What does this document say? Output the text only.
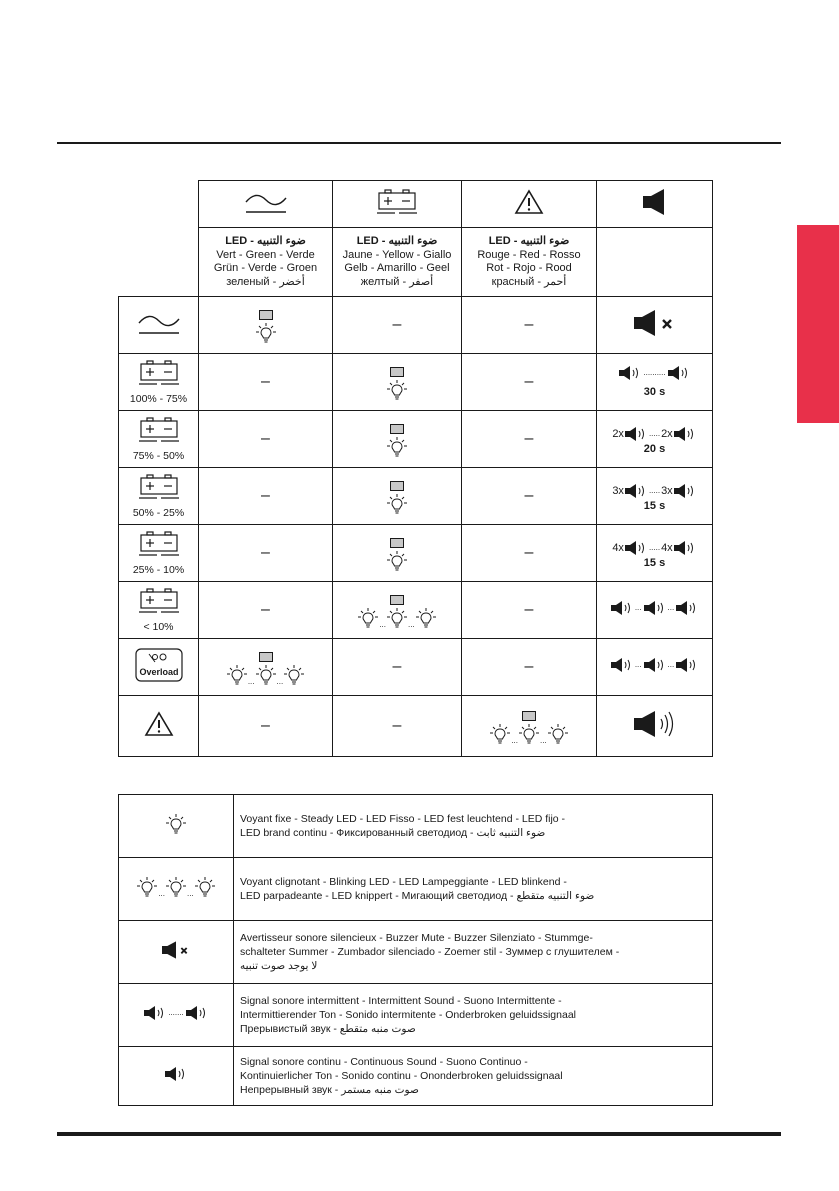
	LED - ضوء التنبيه
Vert - Green - Verde
Grün - Verde - Groen
зеленый - أخضر	LED - ضوء التنبيه
Jaune - Yellow - Giallo
Gelb - Amarillo - Geel
желтый - أصفر	LED - ضوء التنبيه
Rouge - Red - Rosso
Rot - Rojo - Rood
красный - أحمر	

	–	–	

100% - 75%	–		–	..........
30 s

75% - 50%	–		–	2x ..... 2x
20 s

50% - 25%	–		–	3x ..... 3x
15 s

25% - 10%	–		–	4x ..... 4x
15 s

< 10%	–	... ...	–	... ...

Overload	... ...	–	–	... ...

	–	–	... ...

	Voyant fixe - Steady LED - LED Fisso - LED fest leuchtend - LED fijo -
LED brand continu - Фиксированный светодиод - ضوء التنبيه ثابت

... ...	Voyant clignotant - Blinking LED - LED Lampeggiante - LED blinkend -
LED parpadeante - LED knippert - Мигающий светодиод - ضوء التنبيه متقطع
	Avertisseur sonore silencieux - Buzzer Mute - Buzzer Silenziato - Stummge-
schalteter Summer - Zumbador silenciado - Zoemer stil - Зуммер с глушителем -
لا يوجد صوت تنبيه

.......	Signal sonore intermittent - Intermittent Sound - Suono Intermittente -
Intermittierender Ton - Sonido intermitente - Onderbroken geluidssignaal
Прерывистый звук - صوت منبه متقطع
	Signal sonore continu - Continuous Sound - Suono Continuo -
Kontinuierlicher Ton - Sonido continu - Ononderbroken geluidssignaal
Непрерывный звук - صوت منبه مستمر
